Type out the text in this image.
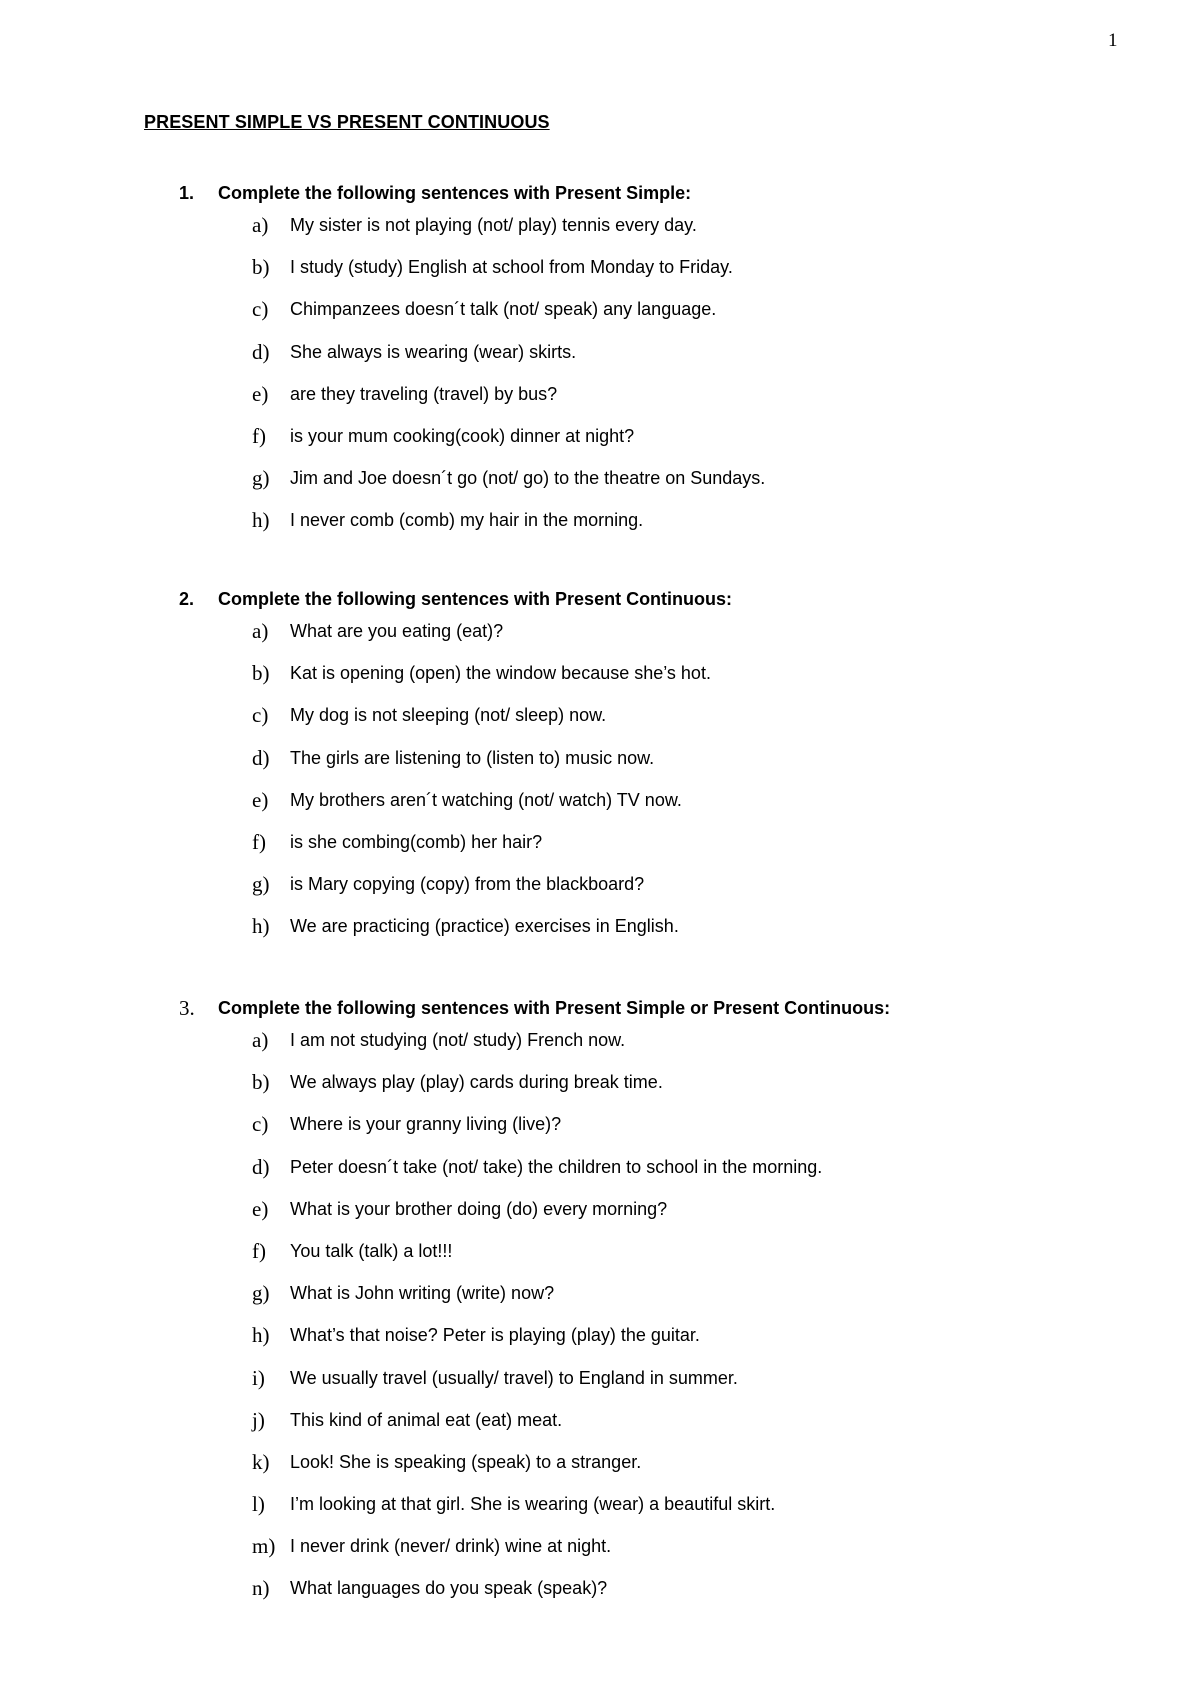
1
PRESENT SIMPLE VS PRESENT CONTINUOUS
1. Complete the following sentences with Present Simple:
a) My sister is not playing (not/ play) tennis every day.
b) I study (study) English at school from Monday to Friday.
c) Chimpanzees doesn´t talk (not/ speak) any language.
d) She always is wearing (wear) skirts.
e) are they traveling (travel) by bus?
f) is your mum cooking(cook) dinner at night?
g) Jim and Joe doesn´t go (not/ go) to the theatre on Sundays.
h) I never comb (comb) my hair in the morning.
2. Complete the following sentences with Present Continuous:
a) What are you eating (eat)?
b) Kat is opening (open) the window because she’s hot.
c) My dog is not sleeping (not/ sleep) now.
d) The girls are listening to (listen to) music now.
e) My brothers aren´t watching (not/ watch) TV now.
f) is she combing(comb) her hair?
g) is Mary copying (copy) from the blackboard?
h) We are practicing (practice) exercises in English.
3. Complete the following sentences with Present Simple or Present Continuous:
a) I am not studying (not/ study) French now.
b) We always play (play) cards during break time.
c) Where is your granny living (live)?
d) Peter doesn´t take (not/ take) the children to school in the morning.
e) What is your brother doing (do) every morning?
f) You talk (talk) a lot!!!
g) What is John writing (write) now?
h) What’s that noise? Peter is playing (play) the guitar.
i) We usually travel (usually/ travel) to England in summer.
j) This kind of animal eat (eat) meat.
k) Look! She is speaking (speak) to a stranger.
l) I’m looking at that girl. She is wearing (wear) a beautiful skirt.
m) I never drink (never/ drink) wine at night.
n) What languages do you speak (speak)?
